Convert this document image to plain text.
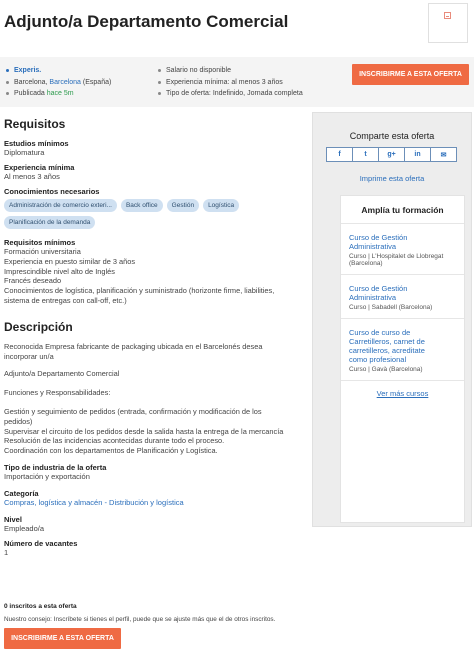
Adjunto/a Departamento Comercial
Experis.
Barcelona , Barcelona
(España)
Publicada
hace 5m
Salario no disponible
Experiencia mínima: al menos 3 años
Tipo de oferta: Indefinido, Jornada completa
INSCRIBIRME A ESTA OFERTA
Requisitos
Estudios mínimos
Diplomatura
Experiencia mínima
Al menos 3 años
Conocimientos necesarios
Administración de comercio exteri...	Back office	Gestión	Logística
Planificación de la demanda
Requisitos mínimos
Formación universitaria
Experiencia en puesto similar de 3 años
Imprescindible nivel alto de Inglés
Francés deseado
Conocimientos de logística, planificación y suministrado (horizonte firme, liabilities,
sistema de entregas con call-off, etc.)
Descripción
Reconocida Empresa fabricante de packaging ubicada en el Barcelonés desea
incorporar un/a
Adjunto/a Departamento Comercial
Funciones y Responsabilidades:
Gestión y seguimiento de pedidos (entrada, confirmación y modificación de los
pedidos)
Supervisar el circuito de los pedidos desde la salida hasta la entrega de la mercancía
Resolución de las incidencias acontecidas durante todo el proceso.
Coordinación con los departamentos de Planificación y Logística.
Tipo de industria de la oferta
Importación y exportación
Categoría
Compras, logística y almacén - Distribución y logística
Nivel
Empleado/a
Número de vacantes
1
0 inscritos a esta oferta
Nuestro consejo: Inscríbete si tienes el perfil, puede que se ajuste más que el de otros inscritos.
INSCRIBIRME A ESTA OFERTA
Comparte esta oferta
f	t	g+	in	✉
Imprime esta oferta
Amplía tu formación
Curso de Gestión
Administrativa
Curso | L'Hospitalet de Llobregat (Barcelona)
Curso de Gestión
Administrativa
Curso | Sabadell (Barcelona)
Curso de curso de
Carretilleros, carnet de
carretilleros, acreditate
como profesional
Curso | Gavà (Barcelona)
Ver más cursos
